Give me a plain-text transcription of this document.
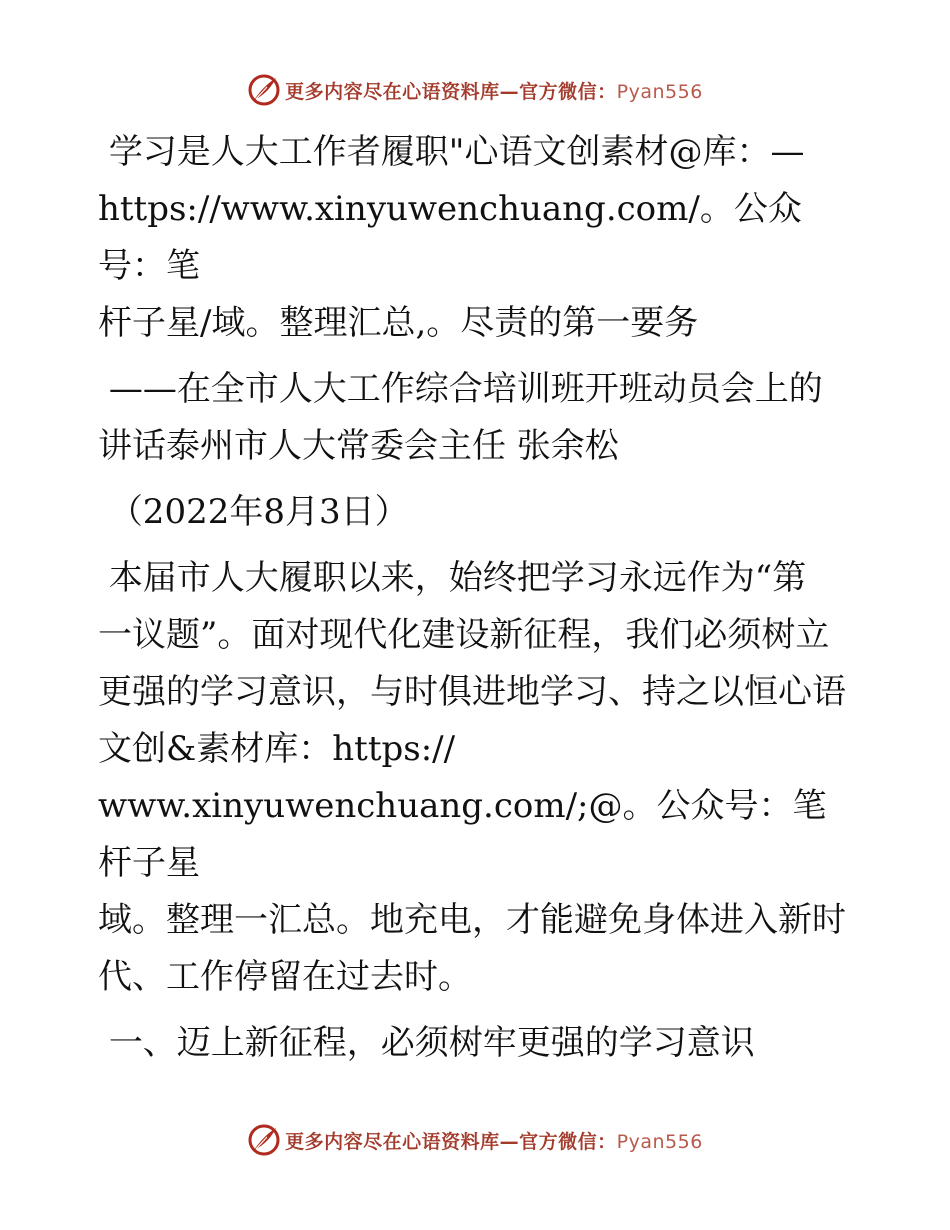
更多内容尽在心语资料库—官方微信：Pyan556

学习是人大工作者履职"心语文创素材@库：—

https://www.xinyuwenchuang.com/。公众号：笔

杆子星/域。整理汇总,。尽责的第一要务

——在全市人大工作综合培训班开班动员会上的

讲话泰州市人大常委会主任 张余松

（2022年8月3日）

本届市人大履职以来，始终把学习永远作为“第

一议题”。面对现代化建设新征程，我们必须树立

更强的学习意识，与时俱进地学习、持之以恒心语

文创&素材库：https://

www.xinyuwenchuang.com/;@。公众号：笔杆子星

域。整理一汇总。地充电，才能避免身体进入新时

代、工作停留在过去时。

一、迈上新征程，必须树牢更强的学习意识

更多内容尽在心语资料库—官方微信：Pyan556
